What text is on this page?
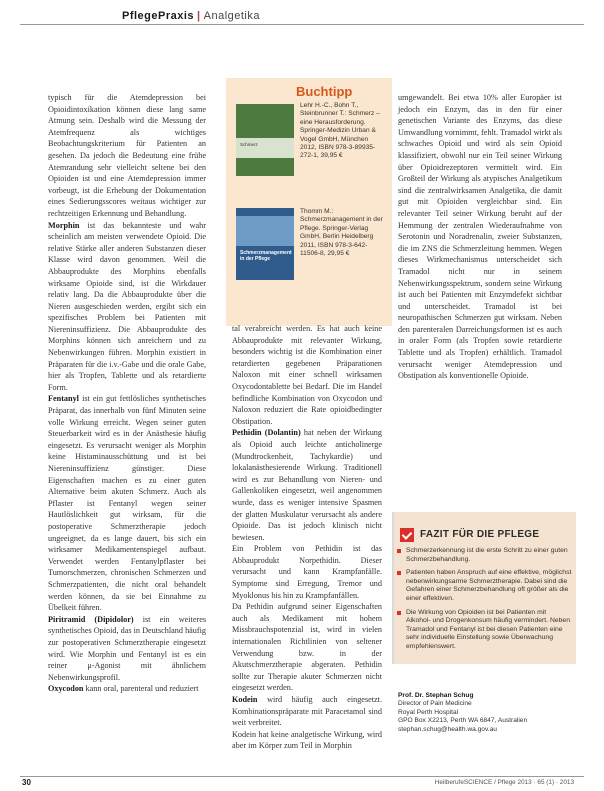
PflegePraxis | Analgetika

typisch für die Atemdepression bei Opioidintoxikation können diese lang same Atmung sein. Deshalb wird die Messung der Atemfrequenz als wichtiges Beobachtungskriterium für Patienten an gesehen. Da jedoch die Bedeutung eine frühe Atemrandung sehr vielleicht seltene bei den Opioiden ist und eine Atemdepression immer vorbeugt, ist die Erhebung der Dokumentation eines Sedierungsscores weitaus wichtiger zur rechtzeitigen Erkennung und Behandlung.

Morphin ist das bekannteste und wahr scheinlich am meisten verwendete Opioid. Die relative Stärke aller anderen Substanzen dieser Klasse wird davon genommen. Weil die Abbauprodukte des Morphins ebenfalls wirksame Opioide sind, ist die Wirkdauer relativ lang. Da die Abbauprodukte über die Nieren ausgeschieden werden, ergibt sich ein spezifisches Problem bei Patienten mit Niereninsuffizienz. Die Abbauprodukte des Morphins können sich anreichern und zu Nebenwirkungen führen. Morphin existiert in Präparaten für die i.v.-Gabe und die orale Gabe, hier als Tropfen, Tablette und als retardierte Form.

Fentanyl ist ein gut fettlösliches synthetisches Präparat, das innerhalb von fünf Minuten seine volle Wirkung erreicht. Wegen seiner guten Steuerbarkeit wird es in der Anästhesie häufig eingesetzt. Es verursacht weniger als Morphin keine Histaminausschüttung und ist bei Niereninsuffizienz günstiger. Diese Eigenschaften machen es zu einer guten Alternative beim akuten Schmerz. Auch als Pflaster ist Fentanyl wegen seiner Hautlöslichkeit gut wirksam, für die postoperative Schmerztherapie jedoch ungeeignet, da es lange dauert, bis sich ein wirksamer Medikamentenspiegel aufbaut. Verwendet werden Fentanylpflaster bei Tumorschmerzen, chronischen Schmerzen und Schmerzpatienten, die nicht oral behandelt werden können, da sie bei Einnahme zu Übelkeit führen.

Piritramid (Dipidolor) ist ein weiteres synthetisches Opioid, das in Deutschland häufig zur postoperativen Schmerztherapie eingesetzt wird. Wie Morphin und Fentanyl ist es ein reiner μ-Agonist mit ähnlichem Nebenwirkungsprofil.

Oxycodon kann oral, parenteral und reduziert

Buchtipp
Schmerz
Lehr H.-C., Bohn T., Steinbrunner T.: Schmerz – eine Herausforderung. Springer-Medizin Urban & Vogel GmbH, München 2012, ISBN 978-3-89935-272-1, 39,95 €
Schmerzmanagement in der Pflege
Thomm M.: Schmerzmanagement in der Pflege. Springer-Verlag GmbH, Berlin Heidelberg 2011, ISBN 978-3-642-11506-8, 29,95 €

tal verabreicht werden. Es hat auch keine Abbauprodukte mit relevanter Wirkung, besonders wichtig ist die Kombination einer retardierten gegebenen Präparationen Naloxon mit einer schnell wirksamen Oxycodontablette bei Bedarf. Die im Handel befindliche Kombination von Oxycodon und Naloxon reduziert die Rate opioidbedingter Obstipation.

Pethidin (Dolantin) hat neben der Wirkung als Opioid auch leichte anticholinerge (Mundtrockenheit, Tachykardie) und lokalanästhesierende Wirkung. Traditionell wird es zur Behandlung von Nieren- und Gallenkoliken eingesetzt, weil angenommen wurde, dass es weniger intensive Spasmen der glatten Muskulatur verursacht als andere Opioide. Das ist jedoch klinisch nicht bewiesen.

Ein Problem von Pethidin ist das Abbauprodukt Norpethidin. Dieser verursacht und kann Krampfanfälle. Symptome sind Erregung, Tremor und Myoklonus bis hin zu Krampfanfällen.

Da Pethidin aufgrund seiner Eigenschaften auch als Medikament mit hohem Missbrauchspotenzial ist, wird in vielen internationalen Richtlinien von seltener Verwendung bzw. in der Akutschmerztherapie abgeraten. Pethidin sollte zur Therapie akuter Schmerzen nicht eingesetzt werden.

Kodein wird häufig auch eingesetzt. Kombinationspräparate mit Paracetamol sind weit verbreitet.

Kodein hat keine analgetische Wirkung, wird aber im Körper zum Teil in Morphin

umgewandelt. Bei etwa 10% aller Europäer ist jedoch ein Enzym, das in den für einer genetischen Variante des Enzyms, das diese Umwandlung vornimmt, fehlt. Tramadol wirkt als schwaches Opioid und wird als sein Opioid klassifiziert, obwohl nur ein Teil seiner Wirkung über Opioidrezeptoren vermittelt wird. Ein Großteil der Wirkung als atypisches Analgetikum sind die zentralwirksamen Analgetika, die damit gut mit Opioiden vergleichbar sind. Ein relevanter Teil seiner Wirkung beruht auf der Hemmung der zentralen Wiederaufnahme von Serotonin und Noradrenalin, zweier Substanzen, die im ZNS die Schmerzleitung hemmen. Wegen dieses Wirkmechanismus unterscheidet sich Tramadol nicht nur in seinem Nebenwirkungsspektrum, sondern seine Wirkung ist auch bei Patienten mit Enzymdefekt sichtbar und unterscheidet. Tramadol ist bei neuropathischen Schmerzen gut wirksam. Neben den parenteralen Darreichungsformen ist es auch in oraler Form (als Tropfen sowie retardierte Tablette und als Tropfen) erhältlich. Tramadol verursacht weniger Atemdepression und Obstipation als konventionelle Opioide.

FAZIT FÜR DIE PFLEGE
Schmerzerkennung ist die erste Schritt zu einer guten Schmerzbehandlung.
Patienten haben Anspruch auf eine effektive, möglichst nebenwirkungsarme Schmerztherapie. Dabei sind die Gefahren einer Schmerzbehandlung oft größer als die einer effektiven.
Die Wirkung von Opioiden ist bei Patienten mit Alkohol- und Drogenkonsum häufig vermindert. Neben Tramadol und Fentanyl ist bei diesen Patienten eine sehr individuelle Einstellung sowie Überwachung empfehlenswert.
Prof. Dr. Stephan Schug
Director of Pain Medicine
Royal Perth Hospital
GPO Box X2213, Perth WA 6847, Australien
stephan.schug@health.wa.gov.au
30	HeilberufeSCIENCE / Pflege 2013 · 65 (1) · 2013
